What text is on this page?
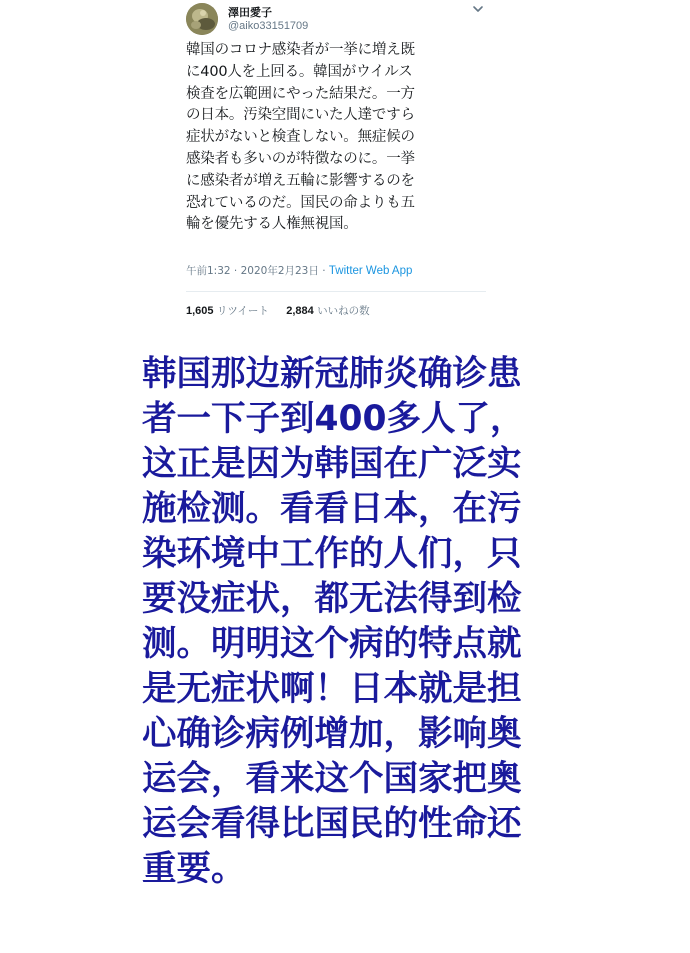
澤田愛子
@aiko33151709
韓国のコロナ感染者が一挙に増え既
に400人を上回る。韓国がウイルス
検査を広範囲にやった結果だ。一方
の日本。汚染空間にいた人達ですら
症状がないと検査しない。無症候の
感染者も多いのが特徴なのに。一挙
に感染者が増え五輪に影響するのを
恐れているのだ。国民の命よりも五
輪を優先する人権無視国。
午前1:32 · 2020年2月23日 · Twitter Web App
1,605 リツイート 2,884 いいねの数
韩国那边新冠肺炎确诊患
者一下子到400多人了，
这正是因为韩国在广泛实
施检测。看看日本，在污
染环境中工作的人们，只
要没症状，都无法得到检
测。明明这个病的特点就
是无症状啊！日本就是担
心确诊病例增加，影响奥
运会，看来这个国家把奥
运会看得比国民的性命还
重要。
